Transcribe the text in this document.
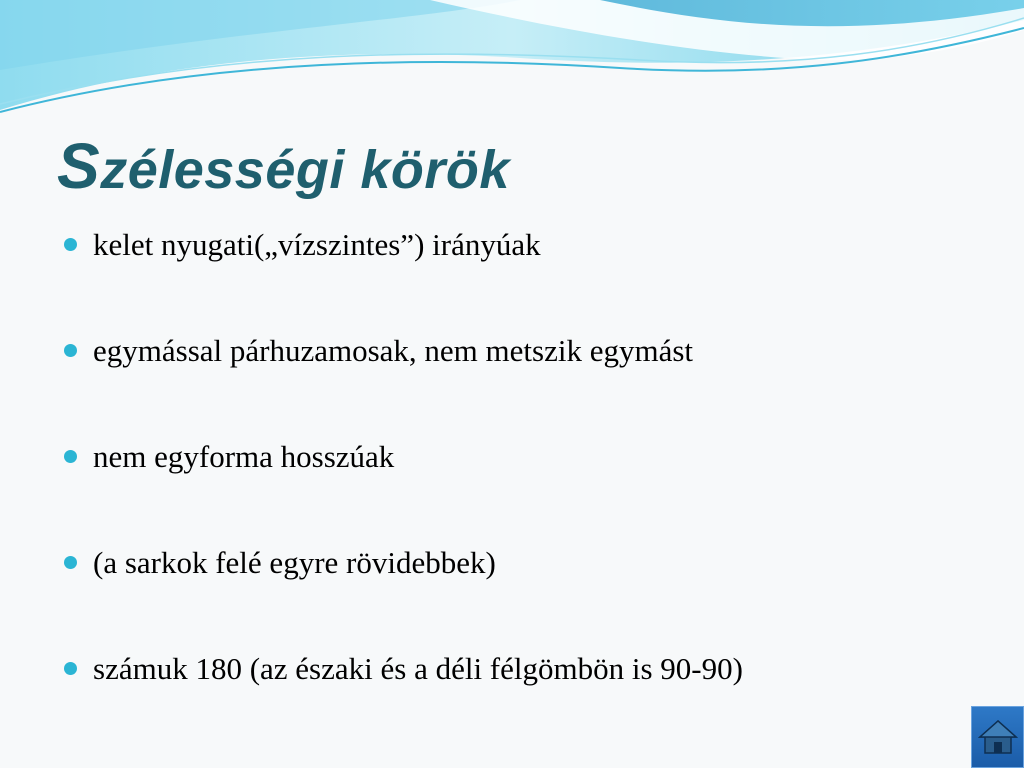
Szélességi körök
kelet nyugati(„vízszintes”) irányúak
egymással párhuzamosak, nem metszik egymást
nem egyforma hosszúak
(a sarkok felé egyre rövidebbek)
számuk 180 (az északi és a déli félgömbön is 90-90)
